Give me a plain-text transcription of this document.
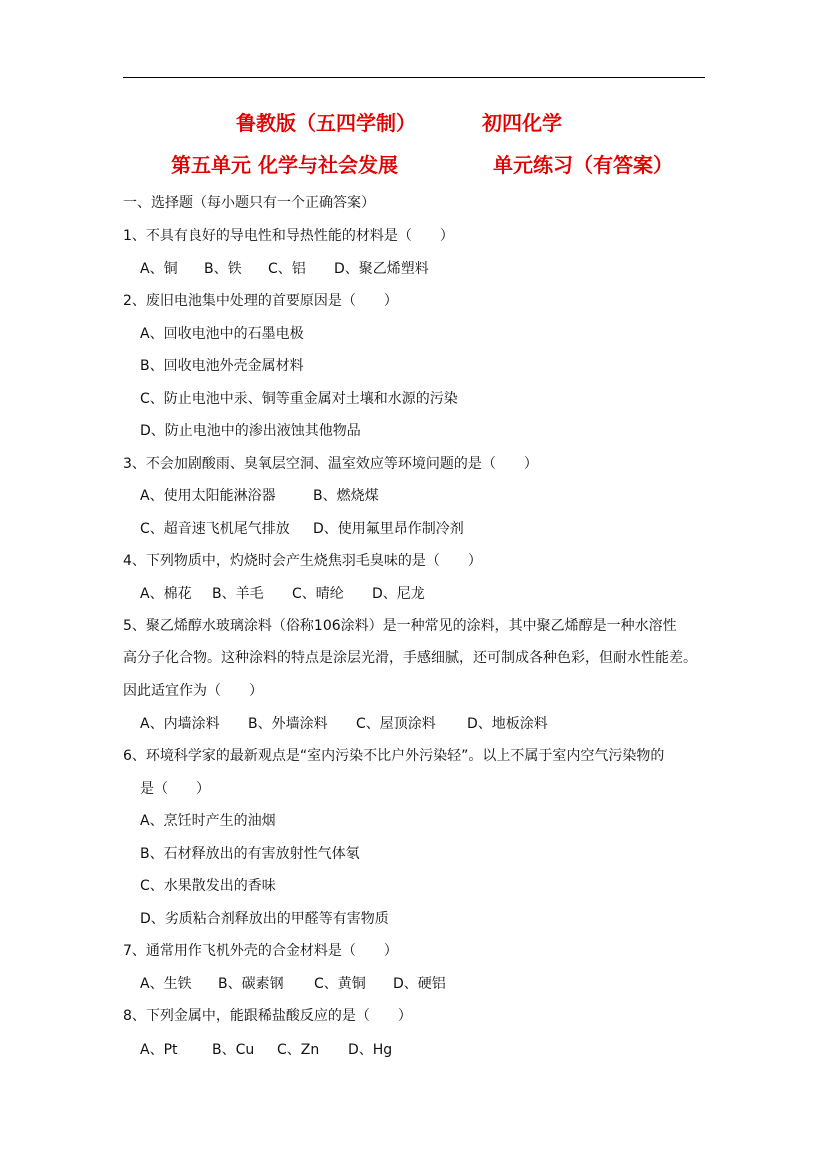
鲁教版（五四学制）	初四化学
第五单元 化学与社会发展	单元练习（有答案）
一、选择题（每小题只有一个正确答案）
1、不具有良好的导电性和导热性能的材料是（　　）
A、铜 B、铁 C、铝 D、聚乙烯塑料
2、废旧电池集中处理的首要原因是（　　）
A、回收电池中的石墨电极
B、回收电池外壳金属材料
C、防止电池中汞、铜等重金属对土壤和水源的污染
D、防止电池中的渗出液蚀其他物品
3、不会加剧酸雨、臭氧层空洞、温室效应等环境问题的是（　　）
A、使用太阳能淋浴器	B、燃烧煤
C、超音速飞机尾气排放 D、使用氟里昂作制冷剂
4、下列物质中，灼烧时会产生烧焦羽毛臭味的是（　　）
A、棉花 B、羊毛 C、晴纶 D、尼龙
5、聚乙烯醇水玻璃涂料（俗称106涂料）是一种常见的涂料，其中聚乙烯醇是一种水溶性
高分子化合物。这种涂料的特点是涂层光滑，手感细腻，还可制成各种色彩，但耐水性能差。
因此适宜作为（　　）
A、内墙涂料 B、外墙涂料 C、屋顶涂料 D、地板涂料
6、环境科学家的最新观点是“室内污染不比户外污染轻”。以上不属于室内空气污染物的
是（　　）
A、烹饪时产生的油烟
B、石材释放出的有害放射性气体氡
C、水果散发出的香味
D、劣质粘合剂释放出的甲醛等有害物质
7、通常用作飞机外壳的合金材料是（　　）
A、生铁 B、碳素钢 C、黄铜 D、硬铝
8、下列金属中，能跟稀盐酸反应的是（　　）
A、Pt B、Cu C、Zn D、Hg
